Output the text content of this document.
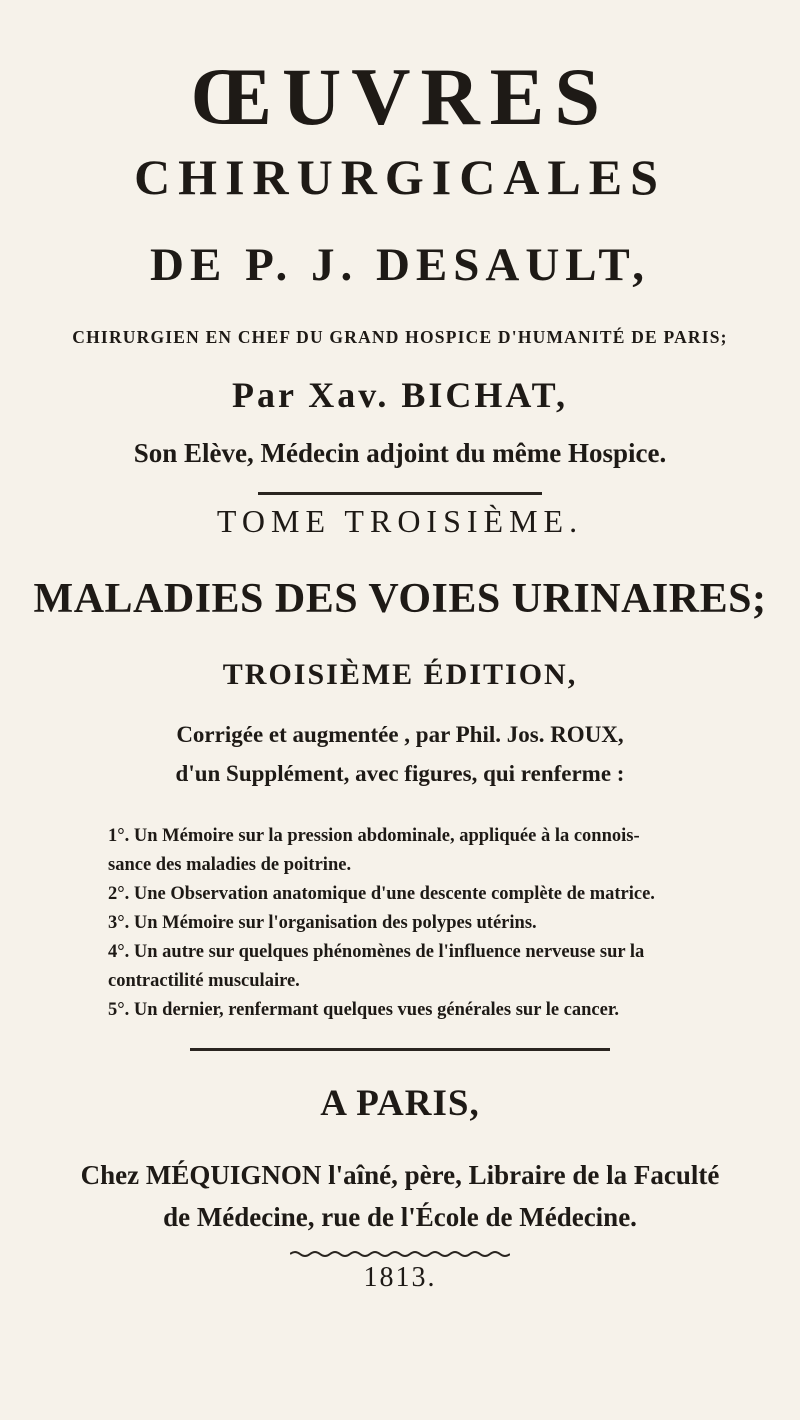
ŒUVRES
CHIRURGICALES
DE P. J. DESAULT,
CHIRURGIEN EN CHEF DU GRAND HOSPICE D'HUMANITÉ DE PARIS;
Par Xav. BICHAT,
Son Elève, Médecin adjoint du même Hospice.
TOME TROISIÈME.
MALADIES DES VOIES URINAIRES;
TROISIÈME ÉDITION,
Corrigée et augmentée , par Phil. Jos. ROUX,
d'un Supplément, avec figures, qui renferme :
1°. Un Mémoire sur la pression abdominale, appliquée à la connois-
sance des maladies de poitrine.
2°. Une Observation anatomique d'une descente complète de matrice.
3°. Un Mémoire sur l'organisation des polypes utérins.
4°. Un autre sur quelques phénomènes de l'influence nerveuse sur la
contractilité musculaire.
5°. Un dernier, renfermant quelques vues générales sur le cancer.
A PARIS,
Chez MÉQUIGNON l'aîné, père, Libraire de la Faculté
de Médecine, rue de l'École de Médecine.
1813.
